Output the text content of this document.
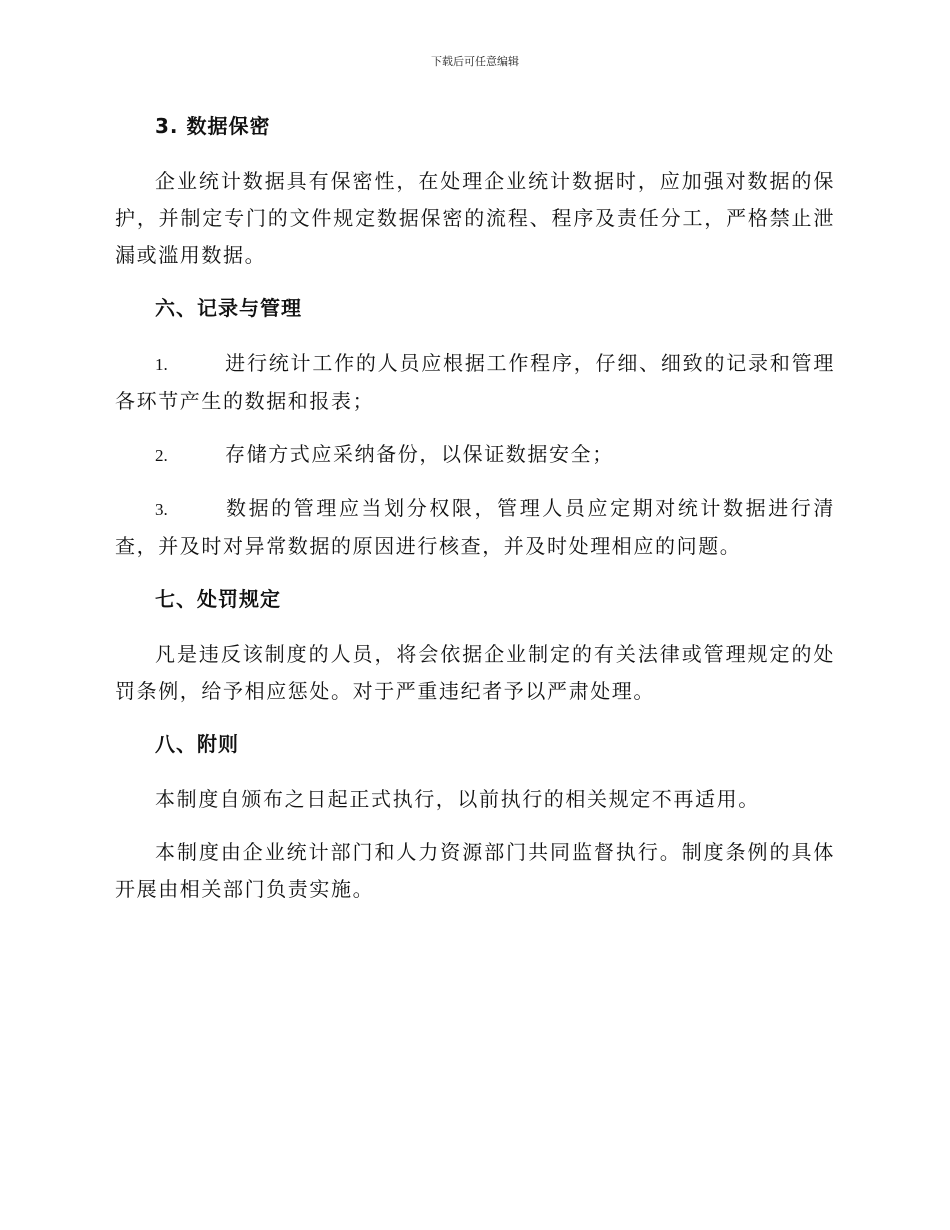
下载后可任意编辑
3. 数据保密

企业统计数据具有保密性，在处理企业统计数据时，应加强对数据的保护，并制定专门的文件规定数据保密的流程、程序及责任分工，严格禁止泄漏或滥用数据。

六、记录与管理

1.	进行统计工作的人员应根据工作程序，仔细、细致的记录和管理各环节产生的数据和报表；

2.	存储方式应采纳备份，以保证数据安全；

3.	数据的管理应当划分权限，管理人员应定期对统计数据进行清查，并及时对异常数据的原因进行核查，并及时处理相应的问题。

七、处罚规定

凡是违反该制度的人员，将会依据企业制定的有关法律或管理规定的处罚条例，给予相应惩处。对于严重违纪者予以严肃处理。

八、附则

本制度自颁布之日起正式执行，以前执行的相关规定不再适用。

本制度由企业统计部门和人力资源部门共同监督执行。制度条例的具体开展由相关部门负责实施。
